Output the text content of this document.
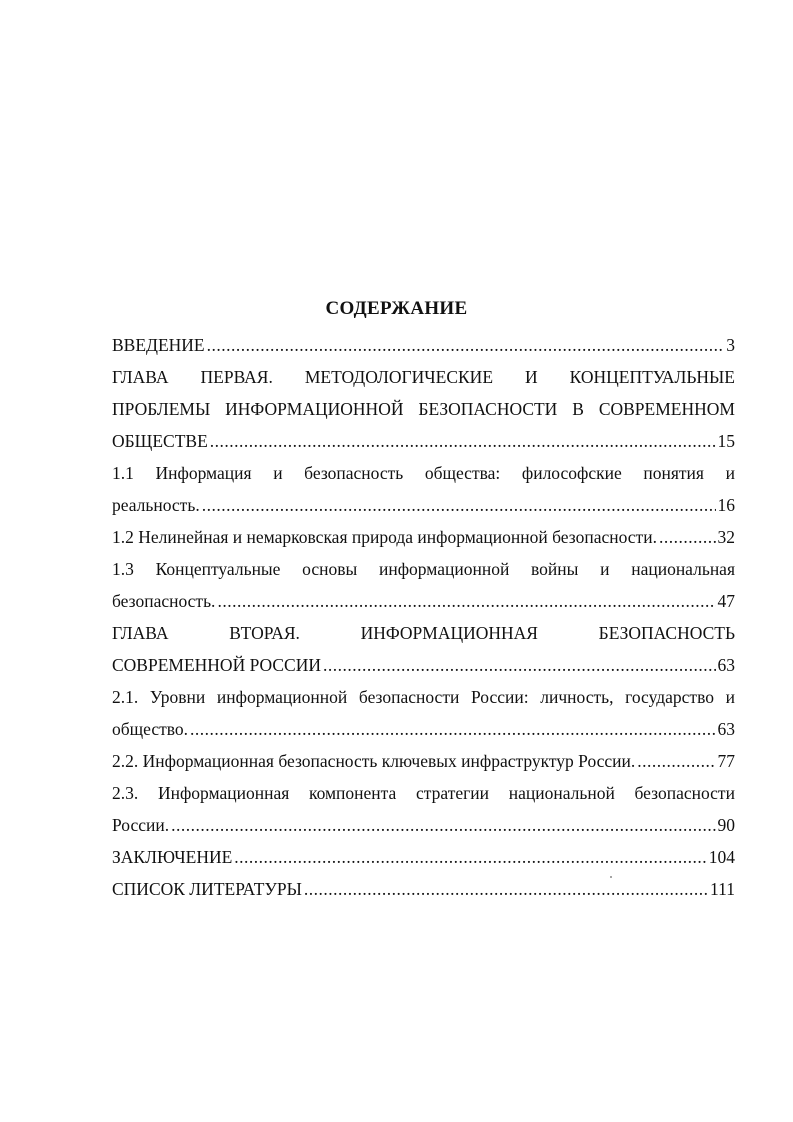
СОДЕРЖАНИЕ
ВВЕДЕНИЕ .....	3
ГЛАВА ПЕРВАЯ. МЕТОДОЛОГИЧЕСКИЕ И КОНЦЕПТУАЛЬНЫЕ
ПРОБЛЕМЫ ИНФОРМАЦИОННОЙ БЕЗОПАСНОСТИ В СОВРЕМЕННОМ
ОБЩЕСТВЕ .....	15
1.1 Информация и безопасность общества: философские понятия и
реальность. .....	16
1.2 Нелинейная и немарковская природа информационной безопасности. .....	32
1.3 Концептуальные основы информационной войны и национальная
безопасность. .....	47
ГЛАВА	ВТОРАЯ.	ИНФОРМАЦИОННАЯ	БЕЗОПАСНОСТЬ
СОВРЕМЕННОЙ РОССИИ .....	63
2.1. Уровни информационной безопасности России: личность, государство и
общество. .....	63
2.2. Информационная безопасность ключевых инфраструктур России. .....	77
2.3. Информационная компонента стратегии национальной безопасности
России. .....	90
ЗАКЛЮЧЕНИЕ .....	104
СПИСОК ЛИТЕРАТУРЫ .....	111
